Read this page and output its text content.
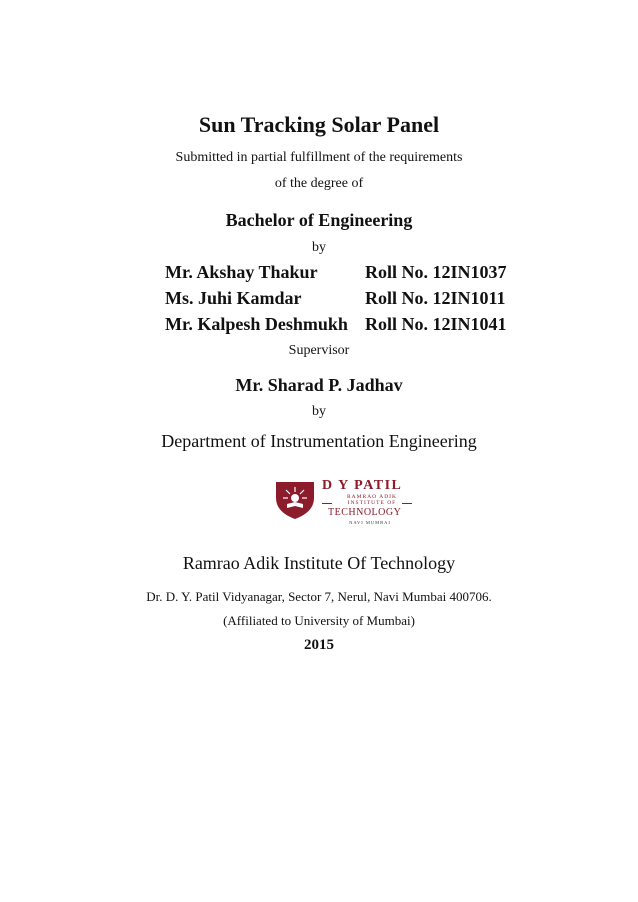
Sun Tracking Solar Panel
Submitted in partial fulfillment of the requirements
of the degree of
Bachelor of Engineering
by
Mr. Akshay Thakur	Roll No. 12IN1037
Ms. Juhi Kamdar	Roll No. 12IN1011
Mr. Kalpesh Deshmukh Roll No. 12IN1041
Supervisor
Mr. Sharad P. Jadhav
by
Department of Instrumentation Engineering
D Y PATIL
RAMRAO ADIK
INSTITUTE OF
TECHNOLOGY
NAVI MUMBAI
Ramrao Adik Institute Of Technology
Dr. D. Y. Patil Vidyanagar, Sector 7, Nerul, Navi Mumbai 400706.
(Affiliated to University of Mumbai)
2015
